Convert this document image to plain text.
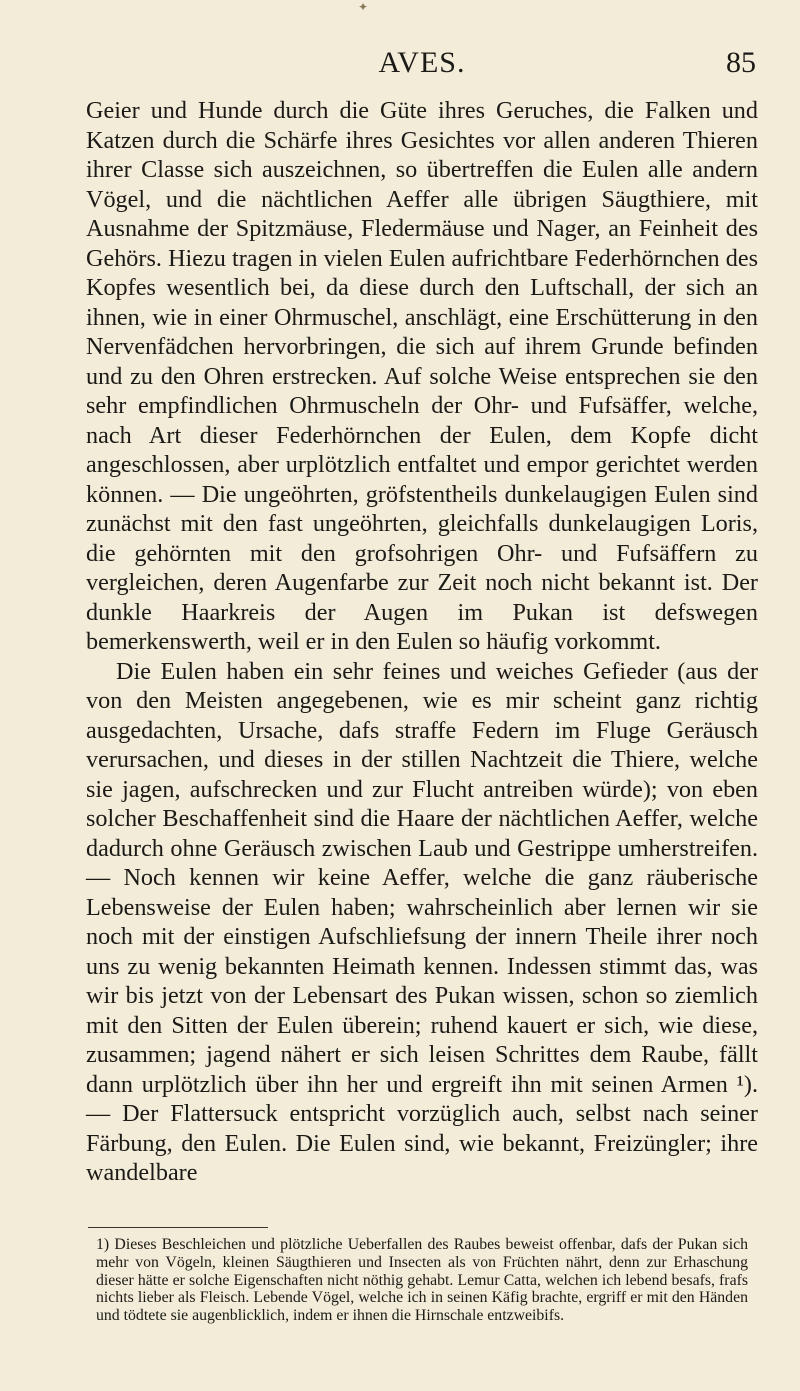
✦
AVES.	85

Geier und Hunde durch die Güte ihres Geruches, die Falken und Katzen durch die Schärfe ihres Gesichtes vor allen anderen Thieren ihrer Classe sich auszeichnen, so übertreffen die Eulen alle andern Vögel, und die nächtlichen Aeffer alle übrigen Säugthiere, mit Ausnahme der Spitzmäuse, Fledermäuse und Nager, an Feinheit des Gehörs. Hiezu tragen in vielen Eulen aufrichtbare Federhörnchen des Kopfes wesentlich bei, da diese durch den Luftschall, der sich an ihnen, wie in einer Ohrmuschel, anschlägt, eine Erschütterung in den Nervenfädchen hervorbringen, die sich auf ihrem Grunde befinden und zu den Ohren erstrecken. Auf solche Weise entsprechen sie den sehr empfindlichen Ohrmuscheln der Ohr- und Fufsäffer, welche, nach Art dieser Federhörnchen der Eulen, dem Kopfe dicht angeschlossen, aber urplötzlich entfaltet und empor gerichtet werden können. — Die ungeöhrten, gröfstentheils dunkelaugigen Eulen sind zunächst mit den fast ungeöhrten, gleichfalls dunkelaugigen Loris, die gehörnten mit den grofsohrigen Ohr- und Fufsäffern zu vergleichen, deren Augenfarbe zur Zeit noch nicht bekannt ist. Der dunkle Haarkreis der Augen im Pukan ist defswegen bemerkenswerth, weil er in den Eulen so häufig vorkommt.

Die Eulen haben ein sehr feines und weiches Gefieder (aus der von den Meisten angegebenen, wie es mir scheint ganz richtig ausgedachten, Ursache, dafs straffe Federn im Fluge Geräusch verursachen, und dieses in der stillen Nachtzeit die Thiere, welche sie jagen, aufschrecken und zur Flucht antreiben würde); von eben solcher Beschaffenheit sind die Haare der nächtlichen Aeffer, welche dadurch ohne Geräusch zwischen Laub und Gestrippe umherstreifen. — Noch kennen wir keine Aeffer, welche die ganz räuberische Lebensweise der Eulen haben; wahrscheinlich aber lernen wir sie noch mit der einstigen Aufschliefsung der innern Theile ihrer noch uns zu wenig bekannten Heimath kennen. Indessen stimmt das, was wir bis jetzt von der Lebensart des Pukan wissen, schon so ziemlich mit den Sitten der Eulen überein; ruhend kauert er sich, wie diese, zusammen; jagend nähert er sich leisen Schrittes dem Raube, fällt dann urplötzlich über ihn her und ergreift ihn mit seinen Armen ¹). — Der Flattersuck entspricht vorzüglich auch, selbst nach seiner Färbung, den Eulen. Die Eulen sind, wie bekannt, Freizüngler; ihre wandelbare

1) Dieses Beschleichen und plötzliche Ueberfallen des Raubes beweist offenbar, dafs der Pukan sich mehr von Vögeln, kleinen Säugthieren und Insecten als von Früchten nährt, denn zur Erhaschung dieser hätte er solche Eigenschaften nicht nöthig gehabt. Lemur Catta, welchen ich lebend besafs, frafs nichts lieber als Fleisch. Lebende Vögel, welche ich in seinen Käfig brachte, ergriff er mit den Händen und tödtete sie augenblicklich, indem er ihnen die Hirnschale entzweibifs.
